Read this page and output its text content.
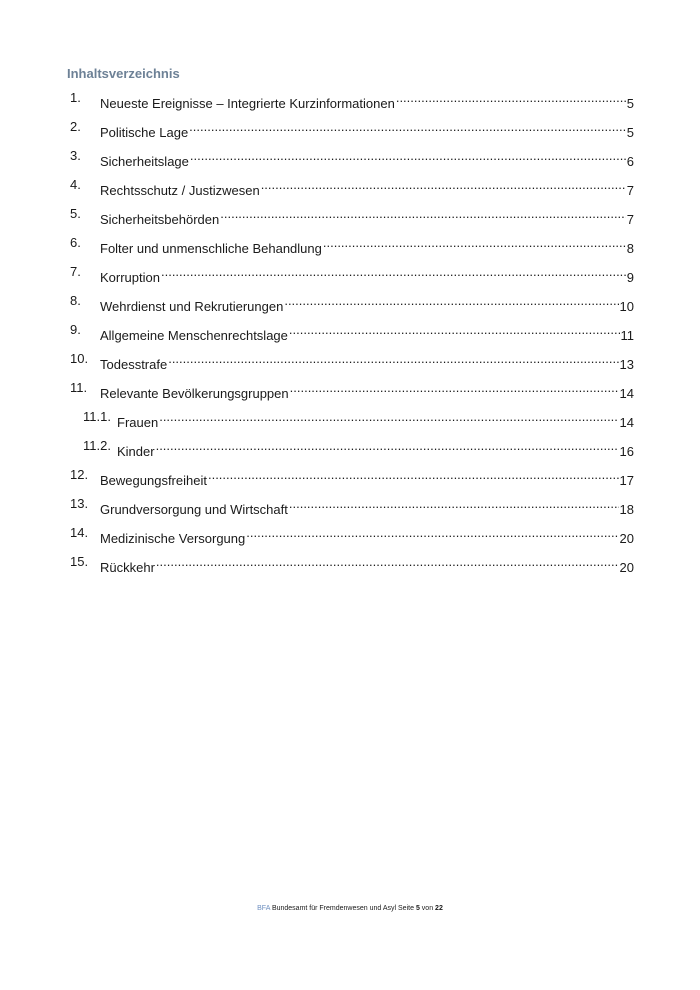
Inhaltsverzeichnis
1. Neueste Ereignisse – Integrierte Kurzinformationen .....	5
2. Politische Lage .....	5
3. Sicherheitslage .....	6
4. Rechtsschutz / Justizwesen .....	7
5. Sicherheitsbehörden .....	7
6. Folter und unmenschliche Behandlung .....	8
7. Korruption .....	9
8. Wehrdienst und Rekrutierungen .....	10
9. Allgemeine Menschenrechtslage .....	11
10. Todesstrafe .....	13
11. Relevante Bevölkerungsgruppen .....	14
11.1. Frauen .....	14
11.2. Kinder .....	16
12. Bewegungsfreiheit .....	17
13. Grundversorgung und Wirtschaft .....	18
14. Medizinische Versorgung .....	20
15. Rückkehr .....	20
BFA Bundesamt für Fremdenwesen und Asyl Seite 5 von 22
